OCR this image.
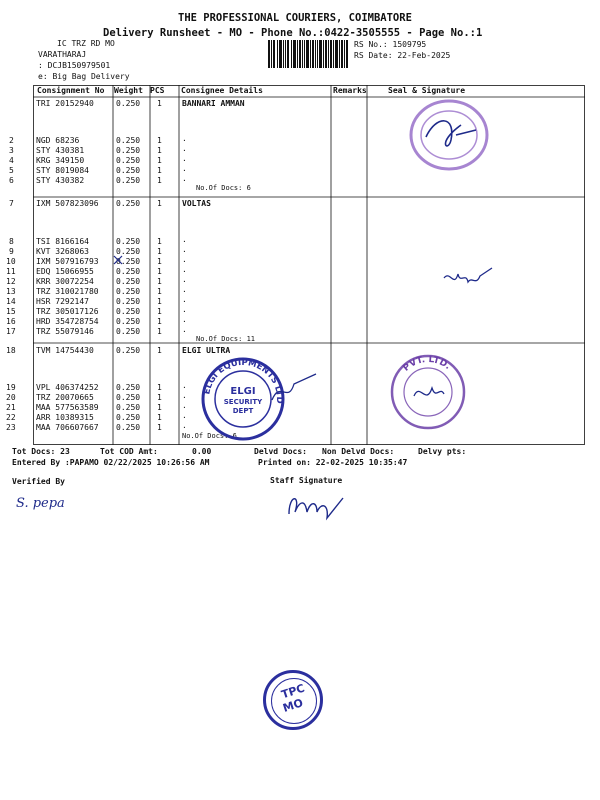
THE PROFESSIONAL COURIERS, COIMBATORE
Delivery Runsheet - MO - Phone No.:0422-3505555 - Page No.:1
IC TRZ RD MO
VARATHARAJ
: DCJB150979501
e: Big Bag Delivery
RS No.: 1509795
RS Date: 22-Feb-2025
Consignment No Weight PCS Consignee Details	Remarks	Seal & Signature
BANNARI AMMAN
No.Of Docs: 6
TRI 20152940	0.250 1
2	NGD 68236	0.250 1	.
3	STY 430381	0.250 1	.
4	KRG 349150	0.250 1	.
5	STY 8019084	0.250 1	.
6	STY 430382	0.250 1	.
VOLTAS
No.Of Docs: 11
7	IXM 507823096 0.250 1
8	TSI 8166164	0.250 1	.
9	KVT 3268063	0.250 1	.
10	IXM 507916793 0.250 1	.
11	EDQ 15066955	0.250 1	.
12	KRR 30072254	0.250 1	.
13	TRZ 310021780 0.250 1	.
14	HSR 7292147	0.250 1	.
15	TRZ 305017126 0.250 1	.
16	HRD 354728754 0.250 1	.
17	TRZ 55079146	0.250 1	.
ELGI ULTRA
No.Of Docs: 6
18	TVM 14754430	0.250 1
19	VPL 406374252 0.250 1	.
20	TRZ 20070665	0.250 1	.
21	MAA 577563589 0.250 1	.
22	ARR 10389315	0.250 1	.
23	MAA 706607667 0.250 1	.
ELGI EQUIPMENTS LTD
ELGI
SECURITY
DEPT
PVT. LTD.
Tot Docs: 23	Tot COD Amt:	0.00	Delvd Docs: Non Delvd Docs:	Delvy pts:
Entered By :PAPAMO 02/22/2025 10:26:56 AM	Printed on: 22-02-2025 10:35:47
Verified By	Staff Signature
S. pepa
TPC
MO
